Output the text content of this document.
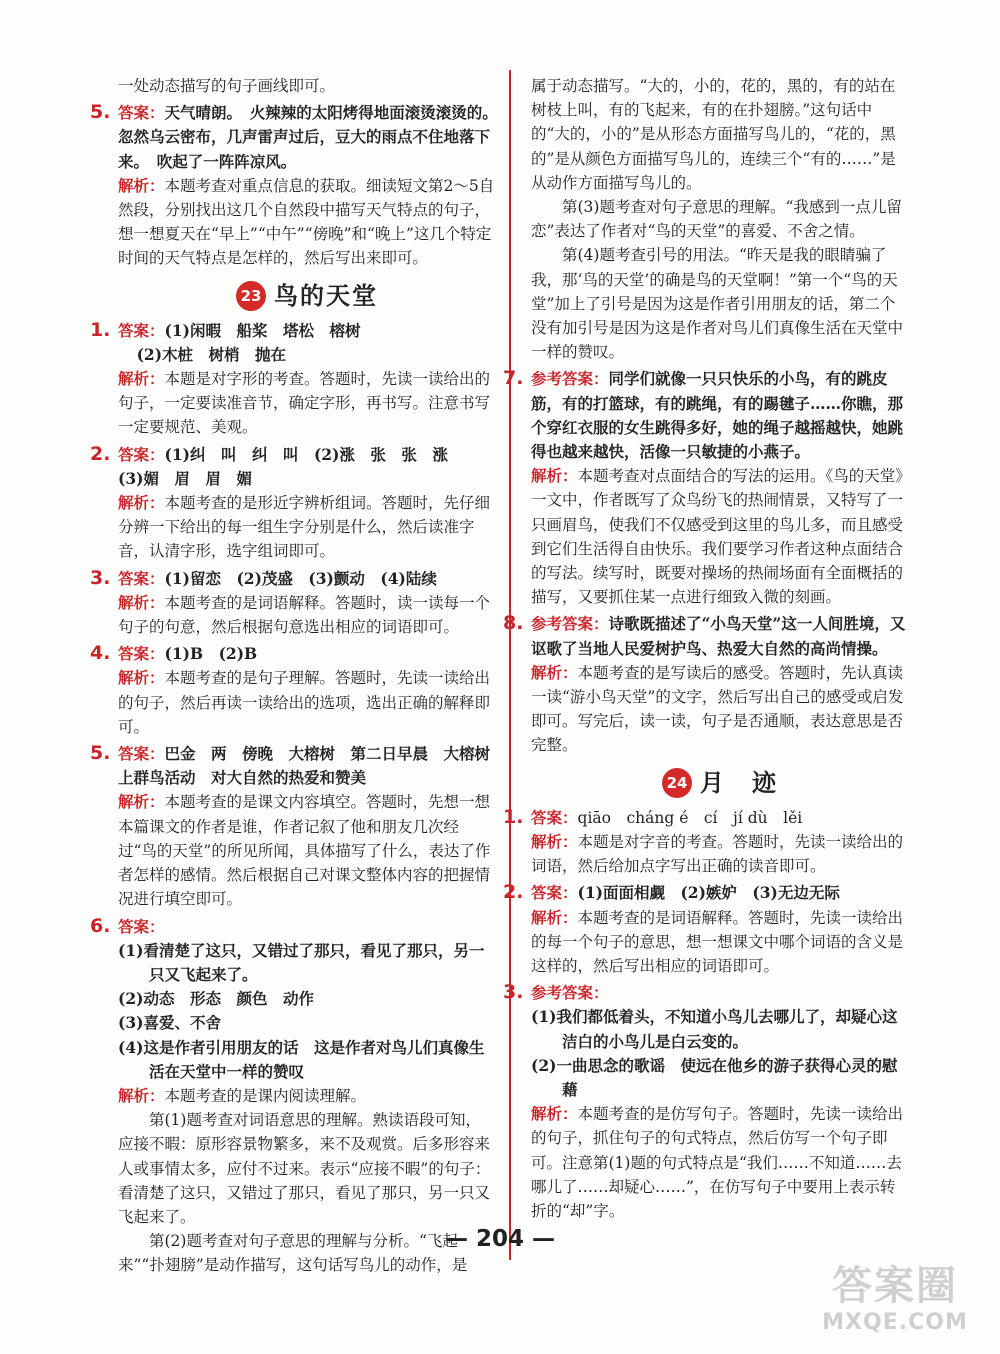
一处动态描写的句子画线即可。

5. 答案：天气晴朗。　火辣辣的太阳烤得地面滚烫滚烫的。　忽然乌云密布，几声雷声过后，豆大的雨点不住地落下来。　吹起了一阵阵凉风。

解析：本题考查对重点信息的获取。细读短文第2～5自然段，分别找出这几个自然段中描写天气特点的句子，想一想夏天在“早上”“中午”“傍晚”和“晚上”这几个特定时间的天气特点是怎样的，然后写出来即可。

23 鸟的天堂
1. 答案：(1)闲暇　船桨　塔松　榕树

(2)木桩　树梢　抛在

解析：本题是对字形的考查。答题时，先读一读给出的句子，一定要读准音节，确定字形，再书写。注意书写一定要规范、美观。

2. 答案：(1)纠　叫　纠　叫　(2)涨　张　张　涨

(3)媚　眉　眉　媚

解析：本题考查的是形近字辨析组词。答题时，先仔细分辨一下给出的每一组生字分别是什么，然后读准字音，认清字形，选字组词即可。

3. 答案：(1)留恋　(2)茂盛　(3)颤动　(4)陆续

解析：本题考查的是词语解释。答题时，读一读每一个句子的句意，然后根据句意选出相应的词语即可。

4. 答案：(1)B　(2)B

解析：本题考查的是句子理解。答题时，先读一读给出的句子，然后再读一读给出的选项，选出正确的解释即可。

5. 答案：巴金　两　傍晚　大榕树　第二日早晨　大榕树上群鸟活动　对大自然的热爱和赞美

解析：本题考查的是课文内容填空。答题时，先想一想本篇课文的作者是谁，作者记叙了他和朋友几次经过“鸟的天堂”的所见所闻，具体描写了什么，表达了作者怎样的感情。然后根据自己对课文整体内容的把握情况进行填空即可。

6. 答案：

(1)看清楚了这只，又错过了那只，看见了那只，另一只又飞起来了。

(2)动态　形态　颜色　动作

(3)喜爱、不舍

(4)这是作者引用朋友的话　这是作者对鸟儿们真像生活在天堂中一样的赞叹

解析：本题考查的是课内阅读理解。

第(1)题考查对词语意思的理解。熟读语段可知，应接不暇：原形容景物繁多，来不及观赏。后多形容来人或事情太多，应付不过来。表示“应接不暇”的句子：看清楚了这只，又错过了那只，看见了那只，另一只又飞起来了。

第(2)题考查对句子意思的理解与分析。“飞起来”“扑翅膀”是动作描写，这句话写鸟儿的动作，是

属于动态描写。“大的，小的，花的，黑的，有的站在树枝上叫，有的飞起来，有的在扑翅膀。”这句话中的“大的，小的”是从形态方面描写鸟儿的，“花的，黑的”是从颜色方面描写鸟儿的，连续三个“有的……”是从动作方面描写鸟儿的。

第(3)题考查对句子意思的理解。“我感到一点儿留恋”表达了作者对“鸟的天堂”的喜爱、不舍之情。

第(4)题考查引号的用法。“昨天是我的眼睛骗了我，那‘鸟的天堂’的确是鸟的天堂啊！”第一个“鸟的天堂”加上了引号是因为这是作者引用朋友的话，第二个没有加引号是因为这是作者对鸟儿们真像生活在天堂中一样的赞叹。

7. 参考答案：同学们就像一只只快乐的小鸟，有的跳皮筋，有的打篮球，有的跳绳，有的踢毽子……你瞧，那个穿红衣服的女生跳得多好，她的绳子越摇越快，她跳得也越来越快，活像一只敏捷的小燕子。

解析：本题考查对点面结合的写法的运用。《鸟的天堂》一文中，作者既写了众鸟纷飞的热闹情景，又特写了一只画眉鸟，使我们不仅感受到这里的鸟儿多，而且感受到它们生活得自由快乐。我们要学习作者这种点面结合的写法。续写时，既要对操场的热闹场面有全面概括的描写，又要抓住某一点进行细致入微的刻画。

8. 参考答案：诗歌既描述了“小鸟天堂”这一人间胜境，又讴歌了当地人民爱树护鸟、热爱大自然的高尚情操。

解析：本题考查的是写读后的感受。答题时，先认真读一读“游小鸟天堂”的文字，然后写出自己的感受或启发即可。写完后，读一读，句子是否通顺，表达意思是否完整。

24 月　迹
1. 答案：qiāo　cháng é　cí　jí dù　lěi

解析：本题是对字音的考查。答题时，先读一读给出的词语，然后给加点字写出正确的读音即可。

2. 答案：(1)面面相觑　(2)嫉妒　(3)无边无际

解析：本题考查的是词语解释。答题时，先读一读给出的每一个句子的意思，想一想课文中哪个词语的含义是这样的，然后写出相应的词语即可。

3. 参考答案：

(1)我们都低着头，不知道小鸟儿去哪儿了，却疑心这洁白的小鸟儿是白云变的。

(2)一曲思念的歌谣　使远在他乡的游子获得心灵的慰藉

解析：本题考查的是仿写句子。答题时，先读一读给出的句子，抓住句子的句式特点，然后仿写一个句子即可。注意第(1)题的句式特点是“我们……不知道……去哪儿了……却疑心……”，在仿写句子中要用上表示转折的“却”字。

— 204 —
答案圈
MXQE.COM
